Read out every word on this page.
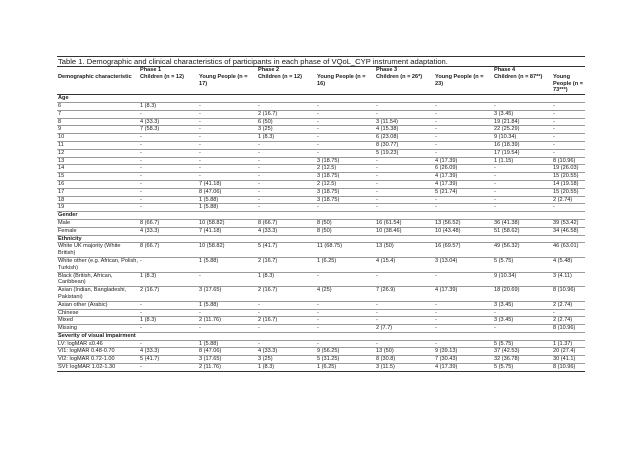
Table 1. Demographic and clinical characteristics of participants in each phase of VQoL_CYP instrument adaptation.
	Phase 1		Phase 2		Phase 3		Phase 4	
Demographic characteristic	Children (n = 12)	Young People (n = 17)	Children (n = 12)	Young People (n = 16)	Children (n = 26*)	Young People (n = 23)	Children (n = 87**)	Young People (n = 73***)
Age								
6	1 (8.3)	-	-	-	-	-	-	-
7	-	-	2 (16.7)	-	-	-	3 (3.45)	-
8	4 (33.3)	-	6 (50)	-	3 (11.54)	-	19 (21.84)	-
9	7 (58.3)	-	3 (25)	-	4 (15.38)	-	22 (25.29)	-
10	-	-	1 (8.3)	-	6 (23.08)	-	9 (10.34)	-
11	-	-	-	-	8 (30.77)	-	16 (18.39)	-
12	-	-	-	-	5 (19.23)	-	17 (19.54)	-
13	-	-	-	3 (18.75)	-	4 (17.39)	1 (1.15)	8 (10.96)
14	-	-	-	2 (12.5)	-	6 (26.09)	-	19 (26.03)
15	-	-	-	3 (18.75)	-	4 (17.39)	-	15 (20.55)
16	-	7 (41.18)	-	2 (12.5)	-	4 (17.39)	-	14 (19.18)
17	-	8 (47.06)	-	3 (18.75)	-	5 (21.74)	-	15 (20.55)
18	-	1 (5.88)	-	3 (18.75)	-	-	-	2 (2.74)
19	-	1 (5.88)	-	-	-	-	-	-
Gender								
Male	8 (66.7)	10 (58.82)	8 (66.7)	8 (50)	16 (61.54)	13 (56.52)	36 (41.38)	39 (53.42)
Female	4 (33.3)	7 (41.18)	4 (33.3)	8 (50)	10 (38.46)	10 (43.48)	51 (58.62)	34 (46.58)
Ethnicity								
White UK majority (White British)	8 (66.7)	10 (58.82)	5 (41.7)	11 (68.75)	13 (50)	16 (69.57)	49 (56.32)	46 (63.01)
White other (e.g. African, Polish, Turkish)	-	1 (5.88)	2 (16.7)	1 (6.25)	4 (15.4)	3 (13.04)	5 (5.75)	4 (5.48)
Black (British, African, Caribbean)	1 (8.3)	-	1 (8.3)	-	-	-	9 (10.34)	3 (4.11)
Asian (Indian, Bangladeshi, Pakistani)	2 (16.7)	3 (17.65)	2 (16.7)	4 (25)	7 (26.9)	4 (17.39)	18 (20.69)	8 (10.96)
Asian other (Arabic)	-	1 (5.88)	-	-	-	-	3 (3.45)	2 (2.74)
Chinese	-	-	-	-	-	-	-	-
Mixed	1 (8.3)	2 (11.76)	2 (16.7)	-	-	-	3 (3.45)	2 (2.74)
Missing	-	-	-	-	2 (7.7)	-	-	8 (10.96)
Severity of visual impairment								
LV: logMAR ≤0.46	-	1 (5.88)	-	-	-	-	5 (5.75)	1 (1.37)
VI1: logMAR 0.48-0.70	4 (33.3)	8 (47.06)	4 (33.3)	9 (56.25)	13 (50)	9 (39.13)	37 (42.53)	20 (27.4)
VI2: logMAR 0.72-1.00	5 (41.7)	3 (17.65)	3 (25)	5 (31.25)	8 (30.8)	7 (30.43)	32 (36.78)	30 (41.1)
SVI: logMAR 1.02-1.30	-	2 (11.76)	1 (8.3)	1 (6.25)	3 (11.5)	4 (17.39)	5 (5.75)	8 (10.96)
